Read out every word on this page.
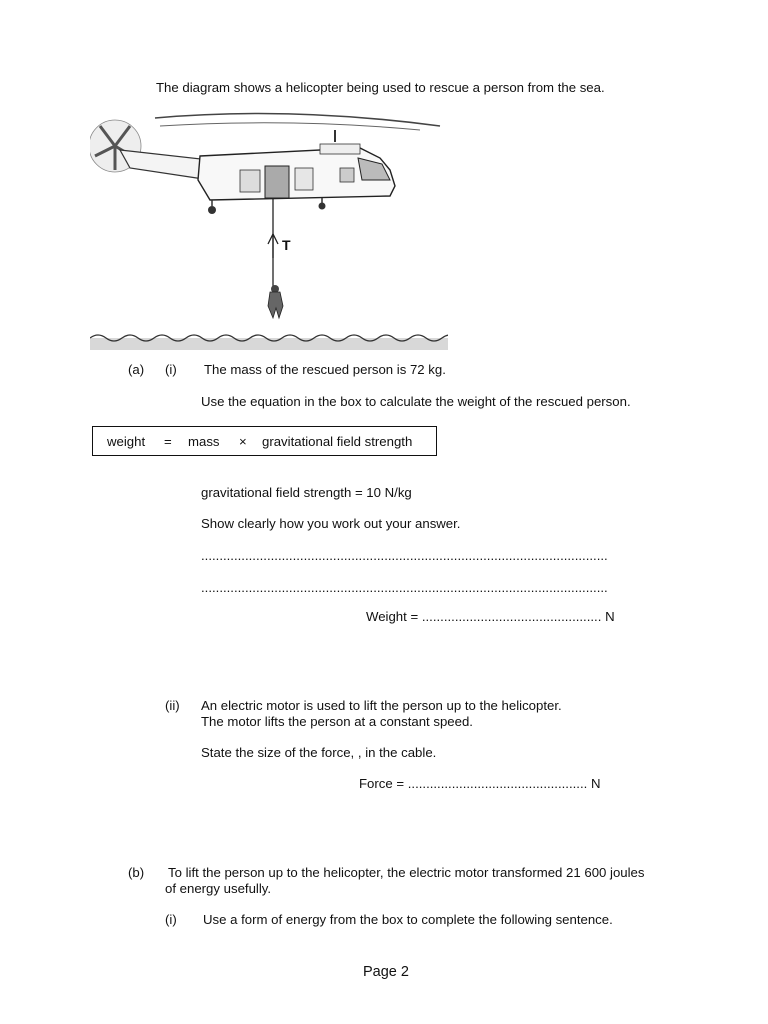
The diagram shows a helicopter being used to rescue a person from the sea.
T
(a) (i) The mass of the rescued person is 72 kg.
Use the equation in the box to calculate the weight of the rescued person.
weight = mass × gravitational field strength
gravitational field strength = 10 N/kg
Show clearly how you work out your answer.
...............................................................................................................
...............................................................................................................
Weight = ................................................. N
(ii) An electric motor is used to lift the person up to the helicopter.
The motor lifts the person at a constant speed.
State the size of the force, , in the cable.
Force = ................................................. N
(b) To lift the person up to the helicopter, the electric motor transformed 21 600 joules
of energy usefully.
(i) Use a form of energy from the box to complete the following sentence.
Page 2
